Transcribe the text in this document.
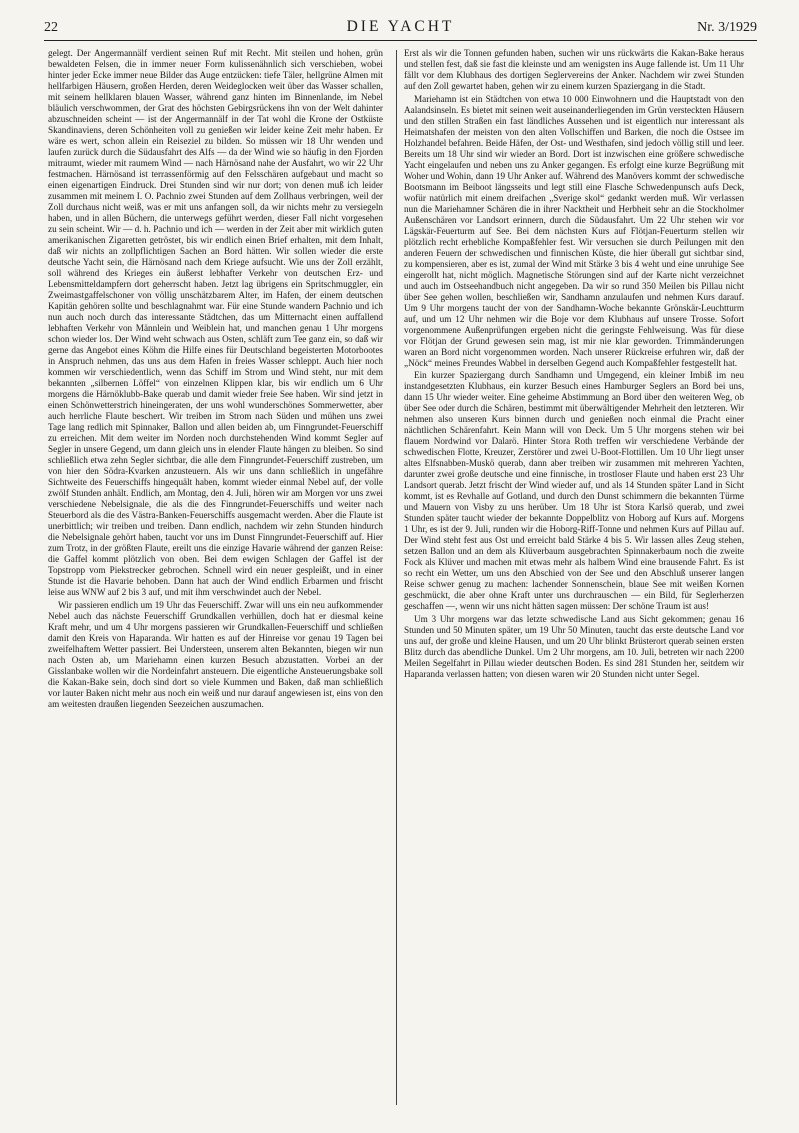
22	DIE YACHT	Nr. 3/1929

gelegt. Der Angermannälf verdient seinen Ruf mit Recht. Mit steilen und hohen, grün bewaldeten Felsen, die in immer neuer Form kulissenähnlich sich verschieben, wobei hinter jeder Ecke immer neue Bilder das Auge entzücken: tiefe Täler, hellgrüne Almen mit hellfarbigen Häusern, großen Herden, deren Weideglocken weit über das Wasser schallen, mit seinem hellklaren blauen Wasser, während ganz hinten im Binnenlande, im Nebel bläulich verschwommen, der Grat des höchsten Gebirgsrückens ihn von der Welt dahinter abzuschneiden scheint — ist der Angermannälf in der Tat wohl die Krone der Ostküste Skandinaviens, deren Schönheiten voll zu genießen wir leider keine Zeit mehr haben. Er wäre es wert, schon allein ein Reiseziel zu bilden. So müssen wir 18 Uhr wenden und laufen zurück durch die Südausfahrt des Alfs — da der Wind wie so häufig in den Fjorden mitraumt, wieder mit raumem Wind — nach Härnösand nahe der Ausfahrt, wo wir 22 Uhr festmachen. Härnösand ist terrassenförmig auf den Felsschären aufgebaut und macht so einen eigenartigen Eindruck. Drei Stunden sind wir nur dort; von denen muß ich leider zusammen mit meinem I. O. Pachnio zwei Stunden auf dem Zollhaus verbringen, weil der Zoll durchaus nicht weiß, was er mit uns anfangen soll, da wir nichts mehr zu versiegeln haben, und in allen Büchern, die unterwegs geführt werden, dieser Fall nicht vorgesehen zu sein scheint. Wir — d. h. Pachnio und ich — werden in der Zeit aber mit wirklich guten amerikanischen Zigaretten getröstet, bis wir endlich einen Brief erhalten, mit dem Inhalt, daß wir nichts an zollpflichtigen Sachen an Bord hätten. Wir sollen wieder die erste deutsche Yacht sein, die Härnösand nach dem Kriege aufsucht. Wie uns der Zoll erzählt, soll während des Krieges ein äußerst lebhafter Verkehr von deutschen Erz- und Lebensmitteldampfern dort geherrscht haben. Jetzt lag übrigens ein Spritschmuggler, ein Zweimastgaffelschoner von völlig unschätzbarem Alter, im Hafen, der einem deutschen Kapitän gehören sollte und beschlagnahmt war. Für eine Stunde wandern Pachnio und ich nun auch noch durch das interessante Städtchen, das um Mitternacht einen auffallend lebhaften Verkehr von Männlein und Weiblein hat, und manchen genau 1 Uhr morgens schon wieder los. Der Wind weht schwach aus Osten, schläft zum Tee ganz ein, so daß wir gerne das Angebot eines Köhm die Hilfe eines für Deutschland begeisterten Motorbootes in Anspruch nehmen, das uns aus dem Hafen in freies Wasser schleppt. Auch hier noch kommen wir verschiedentlich, wenn das Schiff im Strom und Wind steht, nur mit dem bekannten „silbernen Löffel“ von einzelnen Klippen klar, bis wir endlich um 6 Uhr morgens die Härnöklubb-Bake querab und damit wieder freie See haben. Wir sind jetzt in einen Schönwetterstrich hineingeraten, der uns wohl wunderschönes Sommerwetter, aber auch herrliche Flaute beschert. Wir treiben im Strom nach Süden und mühen uns zwei Tage lang redlich mit Spinnaker, Ballon und allen beiden ab, um Finngrundet-Feuerschiff zu erreichen. Mit dem weiter im Norden noch durchstehenden Wind kommt Segler auf Segler in unsere Gegend, um dann gleich uns in elender Flaute hängen zu bleiben. So sind schließlich etwa zehn Segler sichtbar, die alle dem Finngrundet-Feuerschiff zustreben, um von hier den Södra-Kvarken anzusteuern. Als wir uns dann schließlich in ungefähre Sichtweite des Feuerschiffs hingequält haben, kommt wieder einmal Nebel auf, der volle zwölf Stunden anhält. Endlich, am Montag, den 4. Juli, hören wir am Morgen vor uns zwei verschiedene Nebelsignale, die als die des Finngrundet-Feuerschiffs und weiter nach Steuerbord als die des Västra-Banken-Feuerschiffs ausgemacht werden. Aber die Flaute ist unerbittlich; wir treiben und treiben. Dann endlich, nachdem wir zehn Stunden hindurch die Nebelsignale gehört haben, taucht vor uns im Dunst Finngrundet-Feuerschiff auf. Hier zum Trotz, in der größten Flaute, ereilt uns die einzige Havarie während der ganzen Reise: die Gaffel kommt plötzlich von oben. Bei dem ewigen Schlagen der Gaffel ist der Topstropp vom Piekstrecker gebrochen. Schnell wird ein neuer gespleißt, und in einer Stunde ist die Havarie behoben. Dann hat auch der Wind endlich Erbarmen und frischt leise aus WNW auf 2 bis 3 auf, und mit ihm verschwindet auch der Nebel.

Wir passieren endlich um 19 Uhr das Feuerschiff. Zwar will uns ein neu aufkommender Nebel auch das nächste Feuerschiff Grundkallen verhüllen, doch hat er diesmal keine Kraft mehr, und um 4 Uhr morgens passieren wir Grundkallen-Feuerschiff und schließen damit den Kreis von Haparanda. Wir hatten es auf der Hinreise vor genau 19 Tagen bei zweifelhaftem Wetter passiert. Bei Understeen, unserem alten Bekannten, biegen wir nun nach Osten ab, um Mariehamn einen kurzen Besuch abzustatten. Vorbei an der Gisslanbake wollen wir die Nordeinfahrt ansteuern. Die eigentliche Ansteuerungsbake soll die Kakan-Bake sein, doch sind dort so viele Kummen und Baken, daß man schließlich vor lauter Baken nicht mehr aus noch ein weiß und nur darauf angewiesen ist, eins von den am weitesten draußen liegenden Seezeichen auszumachen.

Erst als wir die Tonnen gefunden haben, suchen wir uns rückwärts die Kakan-Bake heraus und stellen fest, daß sie fast die kleinste und am wenigsten ins Auge fallende ist. Um 11 Uhr fällt vor dem Klubhaus des dortigen Seglervereins der Anker. Nachdem wir zwei Stunden auf den Zoll gewartet haben, gehen wir zu einem kurzen Spaziergang in die Stadt.

Mariehamn ist ein Städtchen von etwa 10 000 Einwohnern und die Hauptstadt von den Aalandsinseln. Es bietet mit seinen weit auseinanderliegenden im Grün versteckten Häusern und den stillen Straßen ein fast ländliches Aussehen und ist eigentlich nur interessant als Heimatshafen der meisten von den alten Vollschiffen und Barken, die noch die Ostsee im Holzhandel befahren. Beide Häfen, der Ost- und Westhafen, sind jedoch völlig still und leer. Bereits um 18 Uhr sind wir wieder an Bord. Dort ist inzwischen eine größere schwedische Yacht eingelaufen und neben uns zu Anker gegangen. Es erfolgt eine kurze Begrüßung mit Woher und Wohin, dann 19 Uhr Anker auf. Während des Manövers kommt der schwedische Bootsmann im Beiboot längsseits und legt still eine Flasche Schwedenpunsch aufs Deck, wofür natürlich mit einem dreifachen „Sverige skol“ gedankt werden muß. Wir verlassen nun die Mariehamner Schären die in ihrer Nacktheit und Herbheit sehr an die Stockholmer Außenschären vor Landsort erinnern, durch die Südausfahrt. Um 22 Uhr stehen wir vor Lägskär-Feuerturm auf See. Bei dem nächsten Kurs auf Flötjan-Feuerturm stellen wir plötzlich recht erhebliche Kompaßfehler fest. Wir versuchen sie durch Peilungen mit den anderen Feuern der schwedischen und finnischen Küste, die hier überall gut sichtbar sind, zu kompensieren, aber es ist, zumal der Wind mit Stärke 3 bis 4 weht und eine unruhige See eingerollt hat, nicht möglich. Magnetische Störungen sind auf der Karte nicht verzeichnet und auch im Ostseehandbuch nicht angegeben. Da wir so rund 350 Meilen bis Pillau nicht über See gehen wollen, beschließen wir, Sandhamn anzulaufen und nehmen Kurs darauf. Um 9 Uhr morgens taucht der von der Sandhamn-Woche bekannte Grönskär-Leuchtturm auf, und um 12 Uhr nehmen wir die Boje vor dem Klubhaus auf unsere Trosse. Sofort vorgenommene Außenprüfungen ergeben nicht die geringste Fehlweisung. Was für diese vor Flötjan der Grund gewesen sein mag, ist mir nie klar geworden. Trimmänderungen waren an Bord nicht vorgenommen worden. Nach unserer Rückreise erfuhren wir, daß der „Nöck“ meines Freundes Wabbel in derselben Gegend auch Kompaßfehler festgestellt hat.

Ein kurzer Spaziergang durch Sandhamn und Umgegend, ein kleiner Imbiß im neu instandgesetzten Klubhaus, ein kurzer Besuch eines Hamburger Seglers an Bord bei uns, dann 15 Uhr wieder weiter. Eine geheime Abstimmung an Bord über den weiteren Weg, ob über See oder durch die Schären, bestimmt mit überwältigender Mehrheit den letzteren. Wir nehmen also unseren Kurs binnen durch und genießen noch einmal die Pracht einer nächtlichen Schärenfahrt. Kein Mann will von Deck. Um 5 Uhr morgens stehen wir bei flauem Nordwind vor Dalarö. Hinter Stora Roth treffen wir verschiedene Verbände der schwedischen Flotte, Kreuzer, Zerstörer und zwei U-Boot-Flottillen. Um 10 Uhr liegt unser altes Elfsnabben-Muskö querab, dann aber treiben wir zusammen mit mehreren Yachten, darunter zwei große deutsche und eine finnische, in trostloser Flaute und haben erst 23 Uhr Landsort querab. Jetzt frischt der Wind wieder auf, und als 14 Stunden später Land in Sicht kommt, ist es Revhalle auf Gotland, und durch den Dunst schimmern die bekannten Türme und Mauern von Visby zu uns herüber. Um 18 Uhr ist Stora Karlsö querab, und zwei Stunden später taucht wieder der bekannte Doppelblitz von Hoborg auf Kurs auf. Morgens 1 Uhr, es ist der 9. Juli, runden wir die Hoborg-Riff-Tonne und nehmen Kurs auf Pillau auf. Der Wind steht fest aus Ost und erreicht bald Stärke 4 bis 5. Wir lassen alles Zeug stehen, setzen Ballon und an dem als Klüverbaum ausgebrachten Spinnakerbaum noch die zweite Fock als Klüver und machen mit etwas mehr als halbem Wind eine brausende Fahrt. Es ist so recht ein Wetter, um uns den Abschied von der See und den Abschluß unserer langen Reise schwer genug zu machen: lachender Sonnenschein, blaue See mit weißen Kornen geschmückt, die aber ohne Kraft unter uns durchrauschen — ein Bild, für Seglerherzen geschaffen —, wenn wir uns nicht hätten sagen müssen: Der schöne Traum ist aus!

Um 3 Uhr morgens war das letzte schwedische Land aus Sicht gekommen; genau 16 Stunden und 50 Minuten später, um 19 Uhr 50 Minuten, taucht das erste deutsche Land vor uns auf, der große und kleine Hausen, und um 20 Uhr blinkt Brüsterort querab seinen ersten Blitz durch das abendliche Dunkel. Um 2 Uhr morgens, am 10. Juli, betreten wir nach 2200 Meilen Segelfahrt in Pillau wieder deutschen Boden. Es sind 281 Stunden her, seitdem wir Haparanda verlassen hatten; von diesen waren wir 20 Stunden nicht unter Segel.
